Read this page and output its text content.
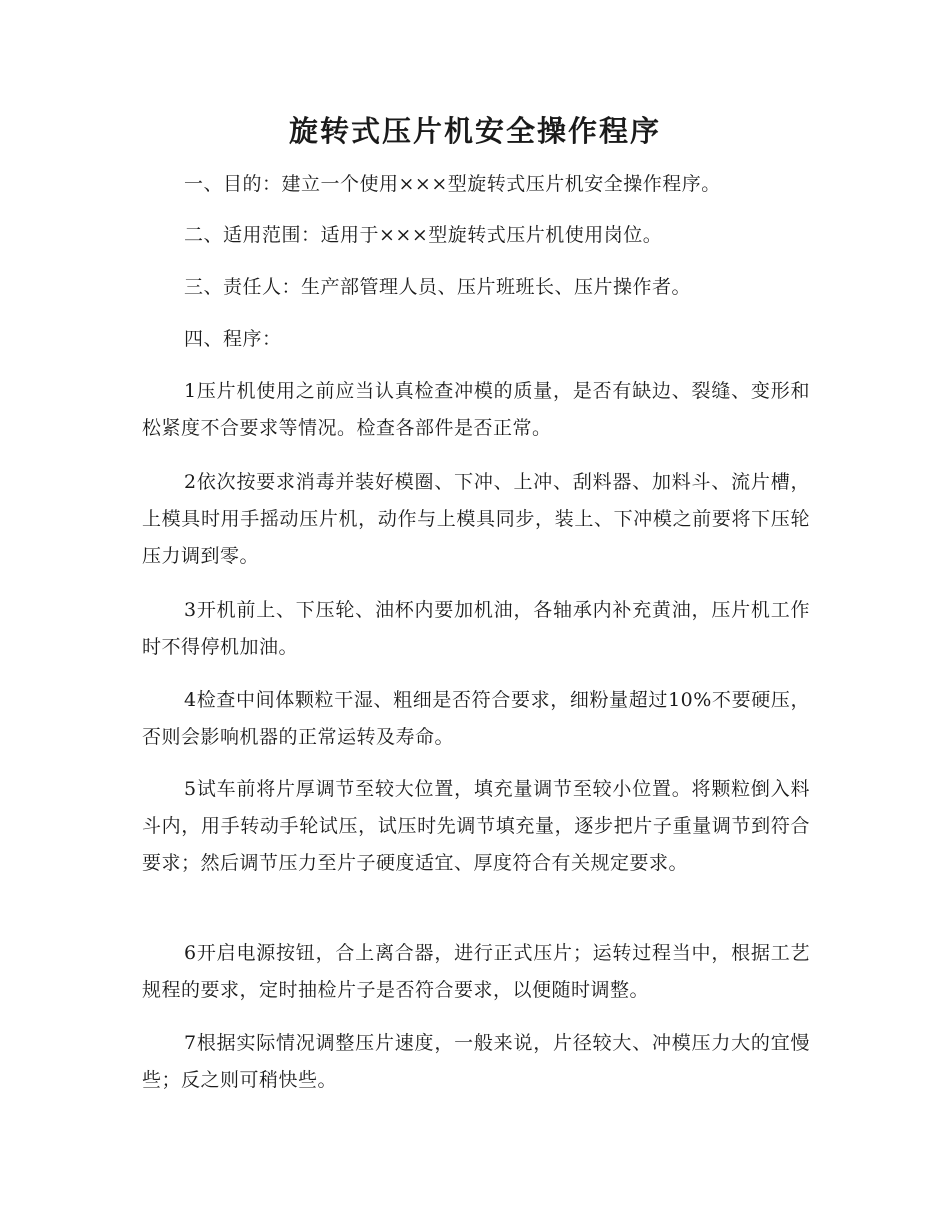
旋转式压片机安全操作程序

一、目的：建立一个使用×××型旋转式压片机安全操作程序。

二、适用范围：适用于×××型旋转式压片机使用岗位。

三、责任人：生产部管理人员、压片班班长、压片操作者。

四、程序：

1压片机使用之前应当认真检查冲模的质量，是否有缺边、裂缝、变形和松紧度不合要求等情况。检查各部件是否正常。

2依次按要求消毒并装好模圈、下冲、上冲、刮料器、加料斗、流片槽，上模具时用手摇动压片机，动作与上模具同步，装上、下冲模之前要将下压轮压力调到零。

3开机前上、下压轮、油杯内要加机油，各轴承内补充黄油，压片机工作时不得停机加油。

4检查中间体颗粒干湿、粗细是否符合要求，细粉量超过10%不要硬压，否则会影响机器的正常运转及寿命。

5试车前将片厚调节至较大位置，填充量调节至较小位置。将颗粒倒入料斗内，用手转动手轮试压，试压时先调节填充量，逐步把片子重量调节到符合要求；然后调节压力至片子硬度适宜、厚度符合有关规定要求。

6开启电源按钮，合上离合器，进行正式压片；运转过程当中，根据工艺规程的要求，定时抽检片子是否符合要求，以便随时调整。

7根据实际情况调整压片速度，一般来说，片径较大、冲模压力大的宜慢些；反之则可稍快些。
